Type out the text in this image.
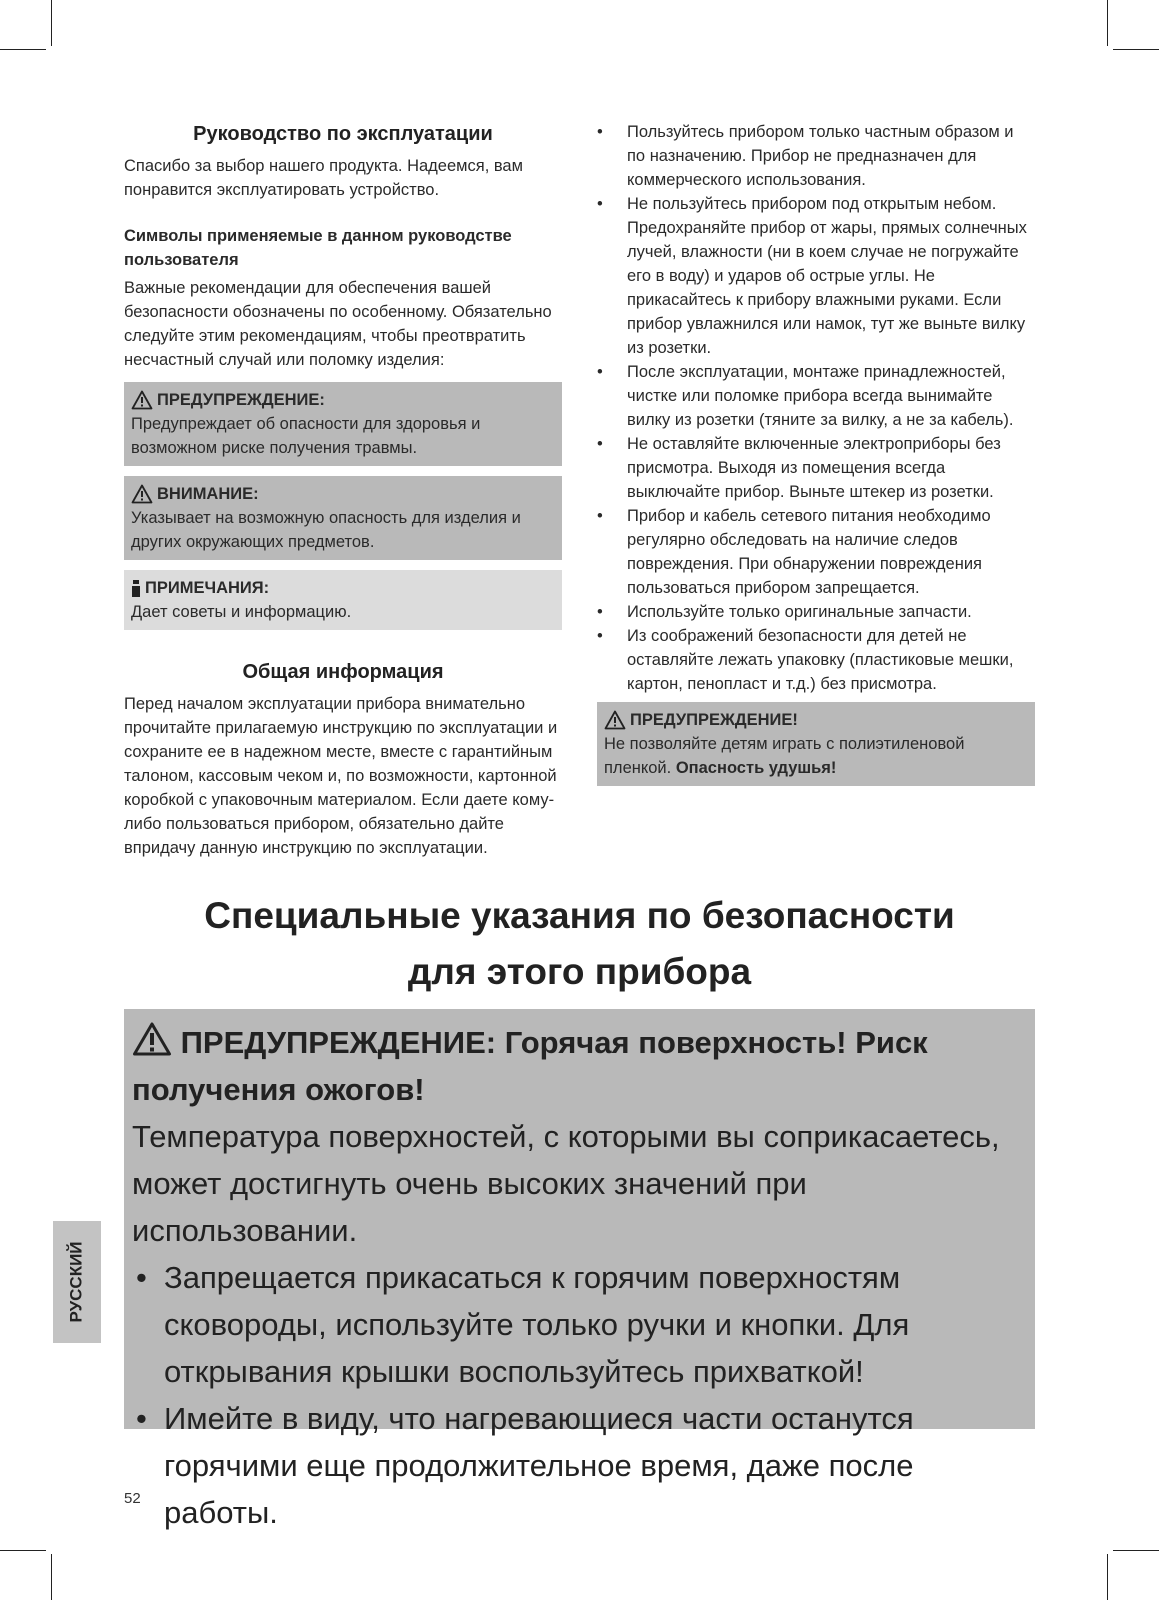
Руководство по эксплуатации

Спасибо за выбор нашего продукта. Надеемся, вам понравится эксплуатировать устройство.

Символы применяемые в данном руководстве пользователя

Важные рекомендации для обеспечения вашей безопасности обозначены по особенному. Обязательно следуйте этим рекомендациям, чтобы преотвратить несчастный случай или поломку изделия:

ПРЕДУПРЕЖДЕНИЕ:
Предупреждает об опасности для здоровья и возможном риске получения травмы.
ВНИМАНИЕ:
Указывает на возможную опасность для изделия и других окружающих предметов.
ПРИМЕЧАНИЯ:
Дает советы и информацию.
Общая информация

Перед началом эксплуатации прибора внимательно прочитайте прилагаемую инструкцию по эксплуатации и сохраните ее в надежном месте, вместе с гарантийным талоном, кассовым чеком и, по возможности, картонной коробкой с упаковочным материалом. Если даете кому-либо пользоваться прибором, обязательно дайте впридачу данную инструкцию по эксплуатации.

• Пользуйтесь прибором только частным образом и по назначению. Прибор не предназначен для коммерческого использования.
• Не пользуйтесь прибором под открытым небом. Предохраняйте прибор от жары, прямых солнечных лучей, влажности (ни в коем случае не погружайте его в воду) и ударов об острые углы. Не прикасайтесь к прибору влажными руками. Если прибор увлажнился или намок, тут же выньте вилку из розетки.
• После эксплуатации, монтаже принадлежностей, чистке или поломке прибора всегда вынимайте вилку из розетки (тяните за вилку, а не за кабель).
• Не оставляйте включенные электроприборы без присмотра. Выходя из помещения всегда выключайте прибор. Выньте штекер из розетки.
• Прибор и кабель сетевого питания необходимо регулярно обследовать на наличие следов повреждения. При обнаружении повреждения пользоваться прибором запрещается.
• Используйте только оригинальные запчасти.
• Из соображений безопасности для детей не оставляйте лежать упаковку (пластиковые мешки, картон, пенопласт и т.д.) без присмотра.
ПРЕДУПРЕЖДЕНИЕ!
Не позволяйте детям играть с полиэтиленовой пленкой. Опасность удушья!
Специальные указания по безопасности
для этого прибора
ПРЕДУПРЕЖДЕНИЕ: Горячая поверхность! Риск получения ожогов!
Температура поверхностей, с которыми вы соприкасаетесь, может достигнуть очень высоких значений при использовании.
• Запрещается прикасаться к горячим поверхностям сковороды, используйте только ручки и кнопки. Для открывания крышки воспользуйтесь прихваткой!
• Имейте в виду, что нагревающиеся части останутся горячими еще продолжительное время, даже после работы.
РУССКИЙ
52
